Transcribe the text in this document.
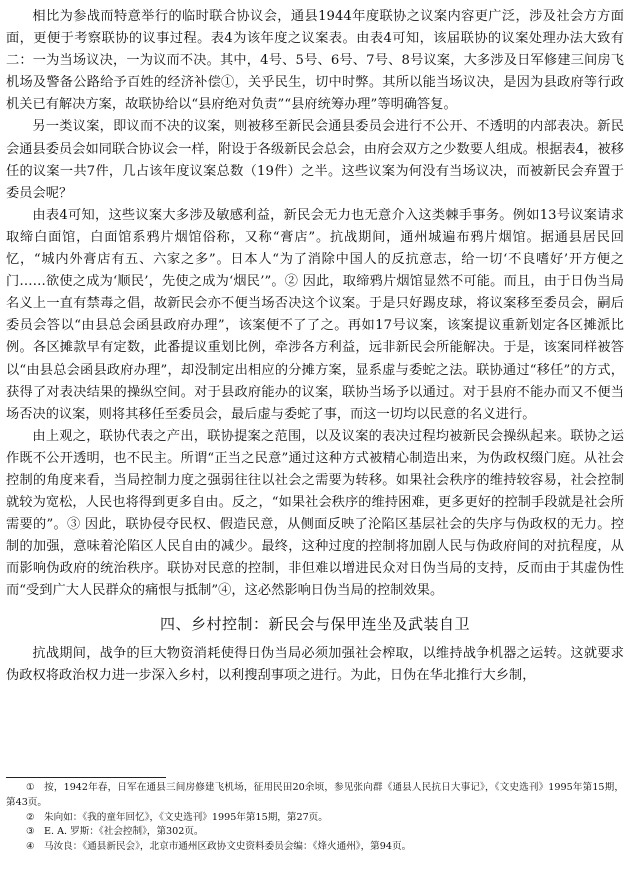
相比为参战而特意举行的临时联合协议会，通县1944年度联协之议案内容更广泛，涉及社会方方面面，更便于考察联协的议事过程。表4为该年度之议案表。由表4可知，该届联协的议案处理办法大致有二：一为当场议决，一为议而不决。其中，4号、5号、6号、7号、8号议案，大多涉及日军修建三间房飞机场及警备公路给予百姓的经济补偿①，关乎民生，切中时弊。其所以能当场议决，是因为县政府等行政机关已有解决方案，故联协给以“县府绝对负责”“县府统筹办理”等明确答复。

另一类议案，即议而不决的议案，则被移至新民会通县委员会进行不公开、不透明的内部表决。新民会通县委员会如同联合协议会一样，附设于各级新民会总会，由府会双方之少数要人组成。根据表4，被移任的议案一共7件，几占该年度议案总数（19件）之半。这些议案为何没有当场议决，而被新民会弃置于委员会呢？

由表4可知，这些议案大多涉及敏感利益，新民会无力也无意介入这类棘手事务。例如13号议案请求取缔白面馆，白面馆系鸦片烟馆俗称，又称“膏店”。抗战期间，通州城遍布鸦片烟馆。据通县居民回忆，“城内外膏店有五、六家之多”。日本人“为了消除中国人的反抗意志，给一切‘不良嗜好’开方便之门……欲使之成为‘顺民’，先使之成为‘烟民’”。② 因此，取缔鸦片烟馆显然不可能。而且，由于日伪当局名义上一直有禁毒之倡，故新民会亦不便当场否决这个议案。于是只好踢皮球，将议案移至委员会，嗣后委员会答以“由县总会函县政府办理”，该案便不了了之。再如17号议案，该案提议重新划定各区摊派比例。各区摊款早有定数，此番提议重划比例，牵涉各方利益，远非新民会所能解决。于是，该案同样被答以“由县总会函县政府办理”，却没制定出相应的分摊方案，显系虚与委蛇之法。联协通过“移任”的方式，获得了对表决结果的操纵空间。对于县政府能办的议案，联协当场予以通过。对于县府不能办而又不便当场否决的议案，则将其移任至委员会，最后虚与委蛇了事，而这一切均以民意的名义进行。

由上观之，联协代表之产出，联协提案之范围，以及议案的表决过程均被新民会操纵起来。联协之运作既不公开透明，也不民主。所谓“正当之民意”通过这种方式被精心制造出来，为伪政权缀门庭。从社会控制的角度来看，当局控制力度之强弱往往以社会之需要为转移。如果社会秩序的维持较容易，社会控制就较为宽松，人民也将得到更多自由。反之，“如果社会秩序的维持困难，更多更好的控制手段就是社会所需要的”。③ 因此，联协侵夺民权、假造民意，从侧面反映了沦陷区基层社会的失序与伪政权的无力。控制的加强，意味着沦陷区人民自由的减少。最终，这种过度的控制将加剧人民与伪政府间的对抗程度，从而影响伪政府的统治秩序。联协对民意的控制，非但难以增进民众对日伪当局的支持，反而由于其虚伪性而“受到广大人民群众的痛恨与抵制”④，这必然影响日伪当局的控制效果。

四、乡村控制：新民会与保甲连坐及武装自卫

抗战期间，战争的巨大物资消耗使得日伪当局必须加强社会榨取，以维持战争机器之运转。这就要求伪政权将政治权力进一步深入乡村，以利搜刮事项之进行。为此，日伪在华北推行大乡制，

① 按，1942年春，日军在通县三间房修建飞机场，征用民田20余顷，参见张向群《通县人民抗日大事记》，《文史选刊》1995年第15期，第43页。

② 朱向如：《我的童年回忆》，《文史选刊》1995年第15期，第27页。

③ E. A. 罗斯：《社会控制》，第302页。

④ 马汝良：《通县新民会》，北京市通州区政协文史资料委员会编：《烽火通州》，第94页。
